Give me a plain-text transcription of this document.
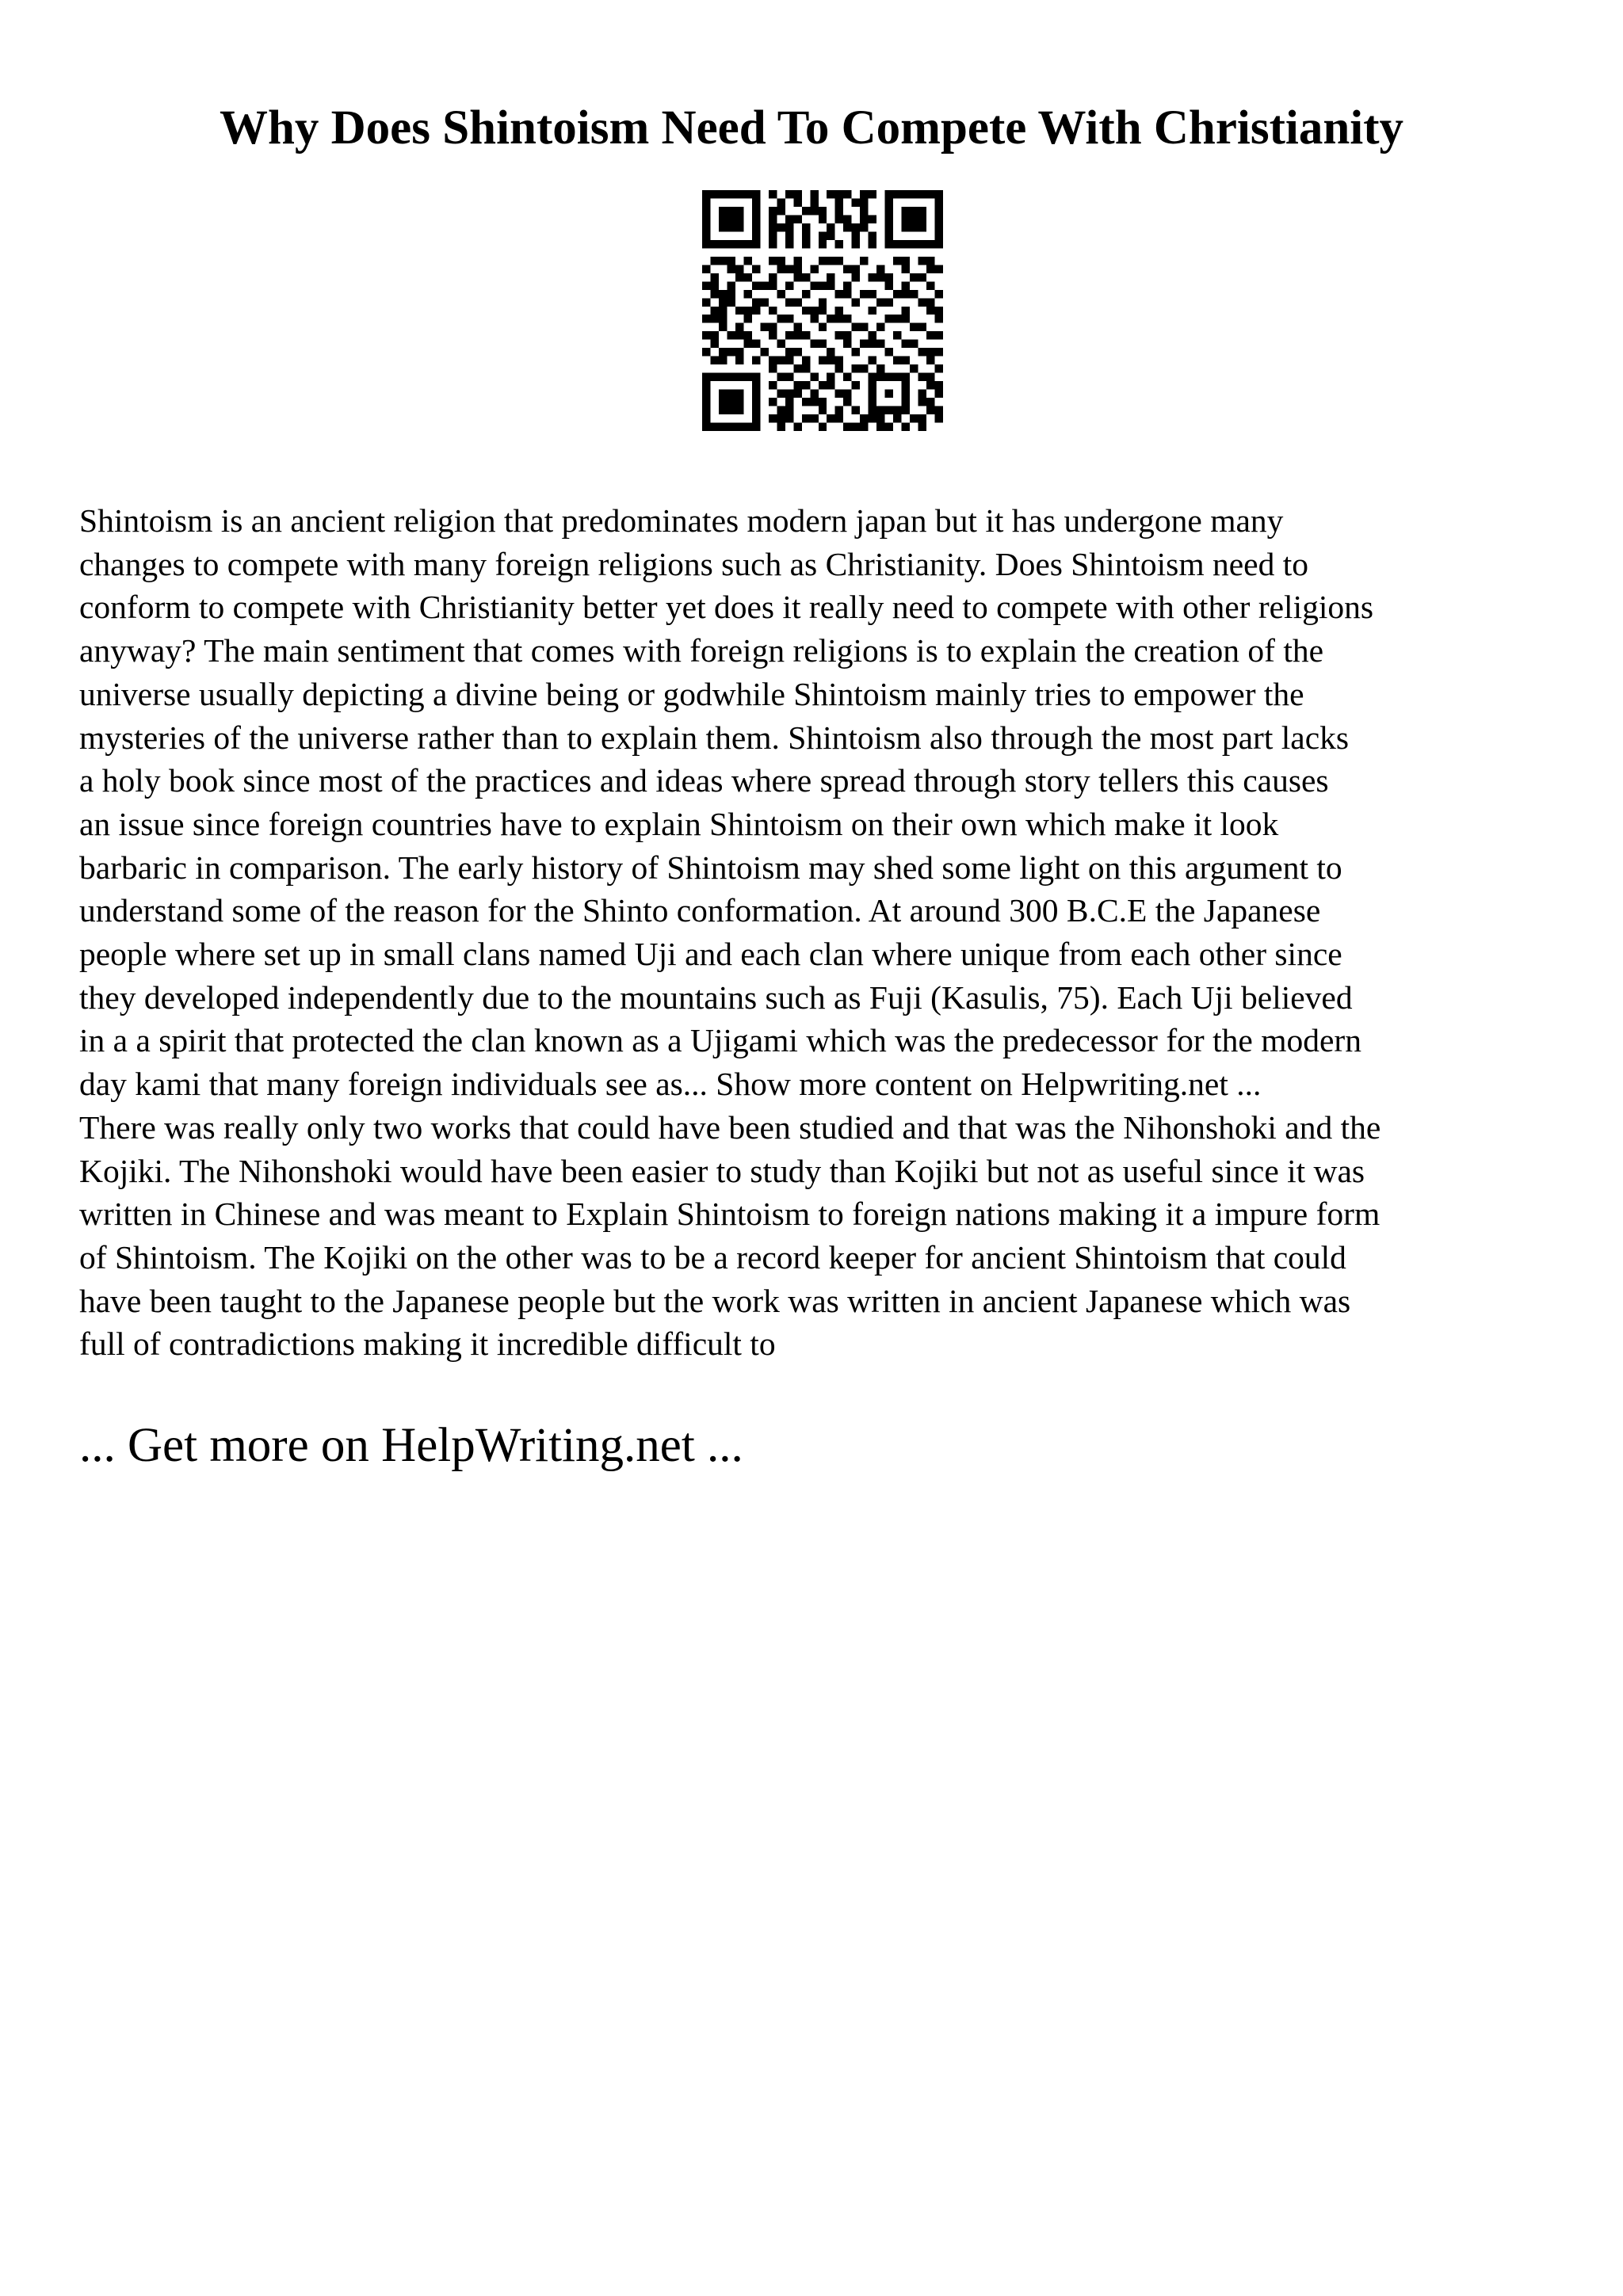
Why Does Shintoism Need To Compete With Christianity
Shintoism is an ancient religion that predominates modern japan but it has undergone many
changes to compete with many foreign religions such as Christianity. Does Shintoism need to
conform to compete with Christianity better yet does it really need to compete with other religions
anyway? The main sentiment that comes with foreign religions is to explain the creation of the
universe usually depicting a divine being or godwhile Shintoism mainly tries to empower the
mysteries of the universe rather than to explain them. Shintoism also through the most part lacks
a holy book since most of the practices and ideas where spread through story tellers this causes
an issue since foreign countries have to explain Shintoism on their own which make it look
barbaric in comparison. The early history of Shintoism may shed some light on this argument to
understand some of the reason for the Shinto conformation. At around 300 B.C.E the Japanese
people where set up in small clans named Uji and each clan where unique from each other since
they developed independently due to the mountains such as Fuji (Kasulis, 75). Each Uji believed
in a a spirit that protected the clan known as a Ujigami which was the predecessor for the modern
day kami that many foreign individuals see as... Show more content on Helpwriting.net ...
There was really only two works that could have been studied and that was the Nihonshoki and the
Kojiki. The Nihonshoki would have been easier to study than Kojiki but not as useful since it was
written in Chinese and was meant to Explain Shintoism to foreign nations making it a impure form
of Shintoism. The Kojiki on the other was to be a record keeper for ancient Shintoism that could
have been taught to the Japanese people but the work was written in ancient Japanese which was
full of contradictions making it incredible difficult to

... Get more on HelpWriting.net ...
